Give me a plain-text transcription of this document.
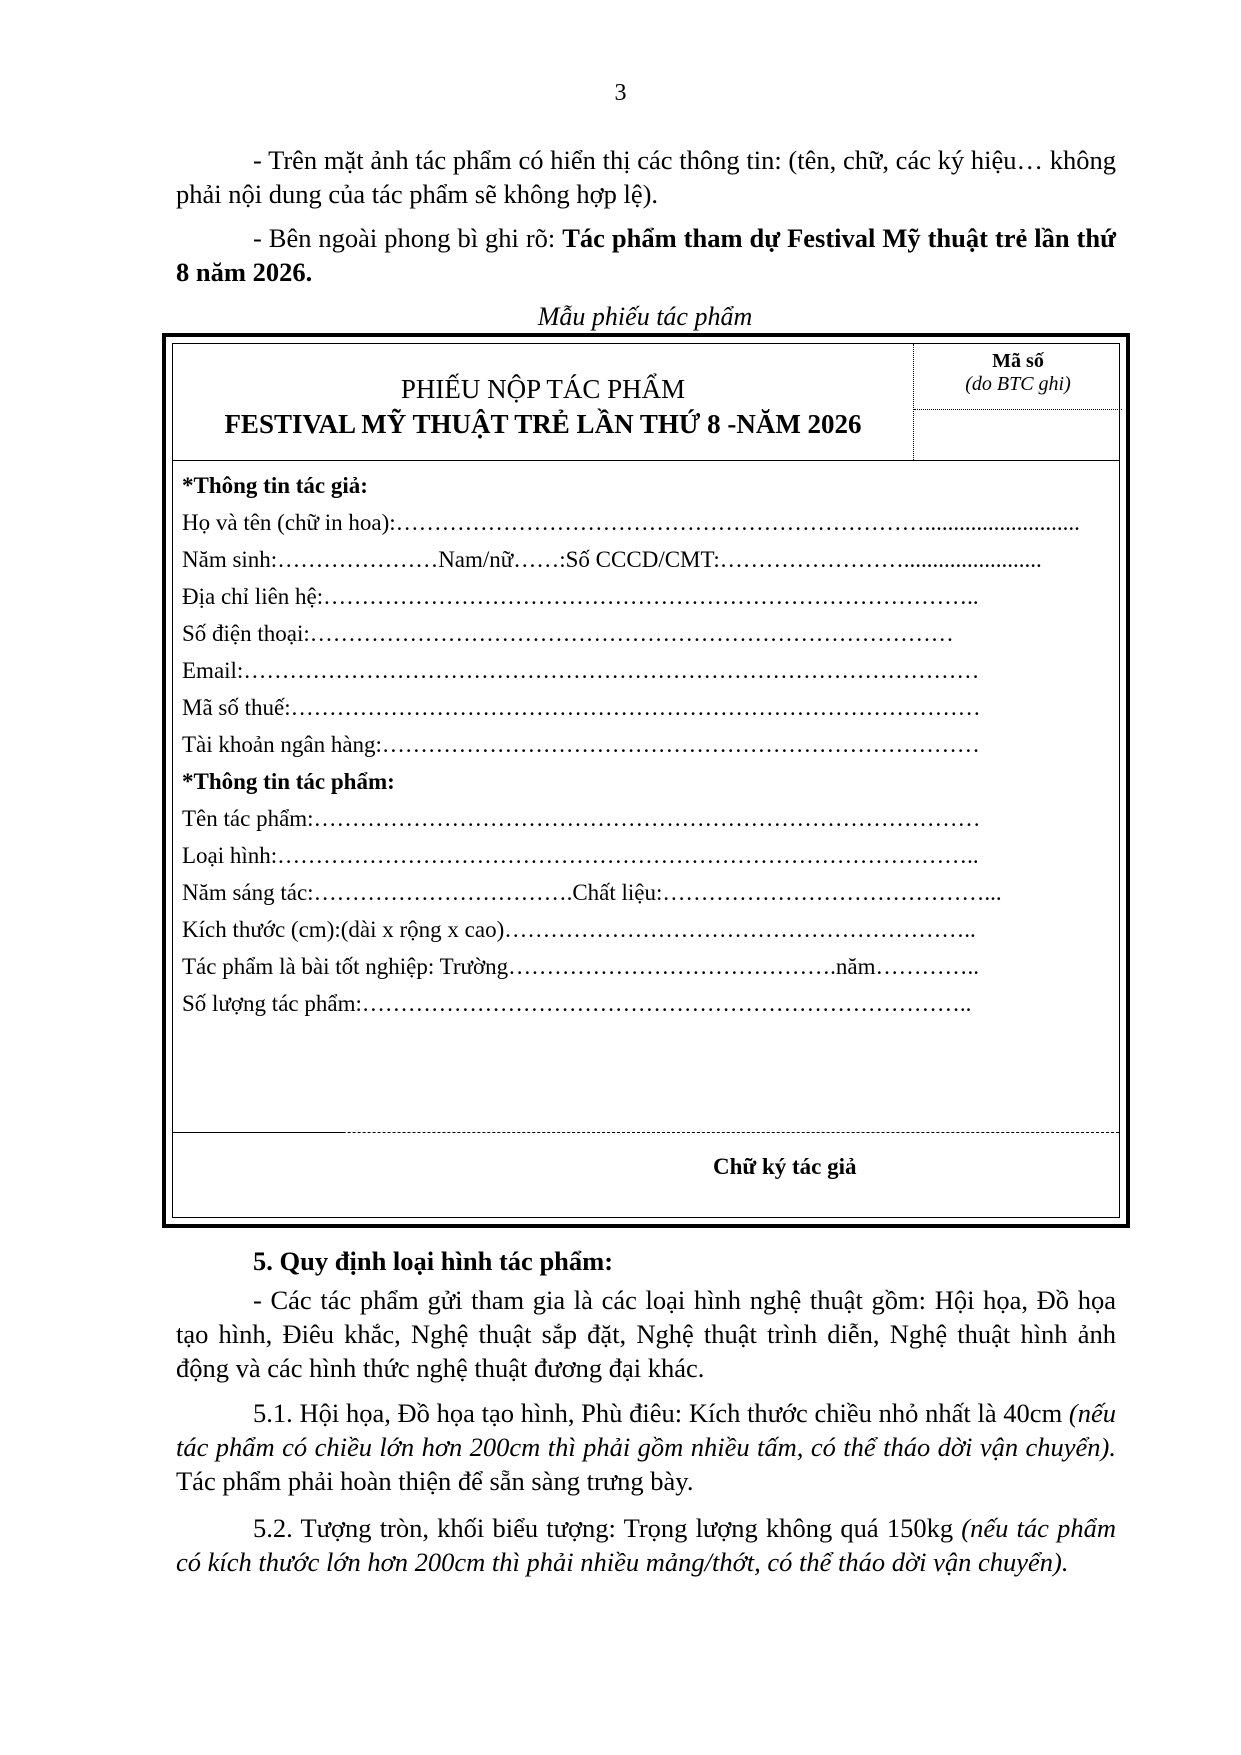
3
- Trên mặt ảnh tác phẩm có hiển thị các thông tin: (tên, chữ, các ký hiệu… không phải nội dung của tác phẩm sẽ không hợp lệ).
- Bên ngoài phong bì ghi rõ: Tác phẩm tham dự Festival Mỹ thuật trẻ lần thứ 8 năm 2026.
Mẫu phiếu tác phẩm
PHIẾU NỘP TÁC PHẨM
FESTIVAL MỸ THUẬT TRẺ LẦN THỨ 8 -NĂM 2026
Mã số
(do BTC ghi)
*Thông tin tác giả:
Họ và tên (chữ in hoa):……………………………………………………………...........................
Năm sinh:…………………Nam/nữ……:Số CCCD/CMT:……………………........................
Địa chỉ liên hệ:…………………………………………………………………………..
Số điện thoại:…………………………………………………………………………
Email:……………………………………………………………………………………
Mã số thuế:………………………………………………………………………………
Tài khoản ngân hàng:……………………………………………………………………
*Thông tin tác phẩm:
Tên tác phẩm:……………………………………………………………………………
Loại hình:………………………………………………………………………………..
Năm sáng tác:…………………………….Chất liệu:……………………………………...
Kích thước (cm):(dài x rộng x cao)……………………………………………………..
Tác phẩm là bài tốt nghiệp: Trường…………………………………….năm…………..
Số lượng tác phẩm:……………………………………………………………………..
Chữ ký tác giả
5. Quy định loại hình tác phẩm:
- Các tác phẩm gửi tham gia là các loại hình nghệ thuật gồm: Hội họa, Đồ họa tạo hình, Điêu khắc, Nghệ thuật sắp đặt, Nghệ thuật trình diễn, Nghệ thuật hình ảnh động và các hình thức nghệ thuật đương đại khác.
5.1. Hội họa, Đồ họa tạo hình, Phù điêu: Kích thước chiều nhỏ nhất là 40cm (nếu tác phẩm có chiều lớn hơn 200cm thì phải gồm nhiều tấm, có thể tháo dời vận chuyển). Tác phẩm phải hoàn thiện để sẵn sàng trưng bày.
5.2. Tượng tròn, khối biểu tượng: Trọng lượng không quá 150kg (nếu tác phẩm có kích thước lớn hơn 200cm thì phải nhiều mảng/thớt, có thể tháo dời vận chuyển).
